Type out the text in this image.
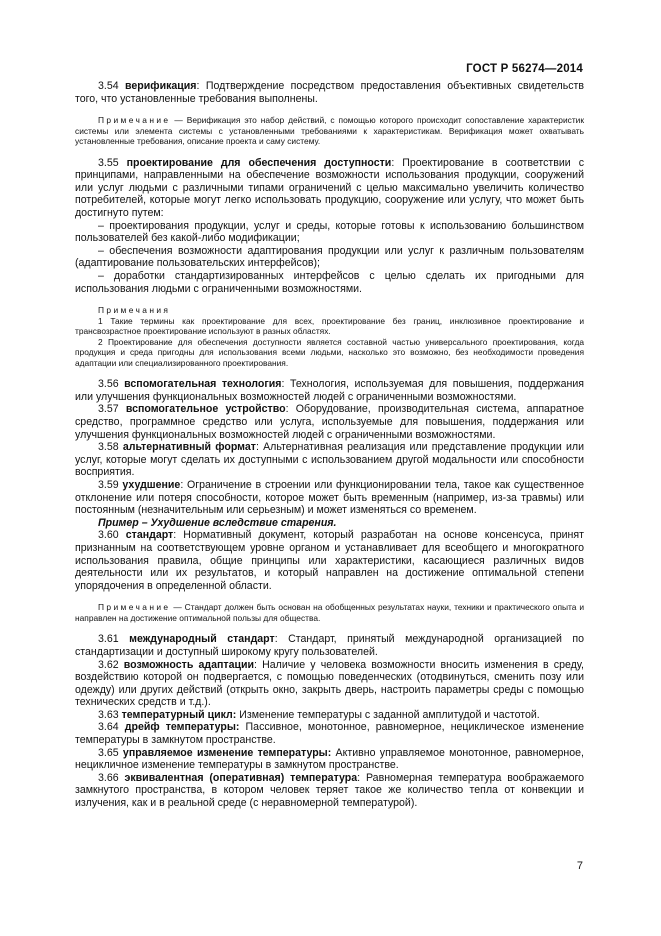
ГОСТ Р 56274—2014

3.54 верификация: Подтверждение посредством предоставления объективных свидетельств того, что установленные требования выполнены.

Примечание — Верификация это набор действий, с помощью которого происходит сопоставление характеристик системы или элемента системы с установленными требованиями к характеристикам. Верификация может охватывать установленные требования, описание проекта и саму систему.

3.55 проектирование для обеспечения доступности: Проектирование в соответствии с принципами, направленными на обеспечение возможности использования продукции, сооружений или услуг людьми с различными типами ограничений с целью максимально увеличить количество потребителей, которые могут легко использовать продукцию, сооружение или услугу, что может быть достигнуто путем:

– проектирования продукции, услуг и среды, которые готовы к использованию большинством пользователей без какой-либо модификации;

– обеспечения возможности адаптирования продукции или услуг к различным пользователям (адаптирование пользовательских интерфейсов);

– доработки стандартизированных интерфейсов с целью сделать их пригодными для использования людьми с ограниченными возможностями.

Примечания

1 Такие термины как проектирование для всех, проектирование без границ, инклюзивное проектирование и трансвозрастное проектирование используют в разных областях.

2 Проектирование для обеспечения доступности является составной частью универсального проектирования, когда продукция и среда пригодны для использования всеми людьми, насколько это возможно, без необходимости проведения адаптации или специализированного проектирования.

3.56 вспомогательная технология: Технология, используемая для повышения, поддержания или улучшения функциональных возможностей людей с ограниченными возможностями.

3.57 вспомогательное устройство: Оборудование, производительная система, аппаратное средство, программное средство или услуга, используемые для повышения, поддержания или улучшения функциональных возможностей людей с ограниченными возможностями.

3.58 альтернативный формат: Альтернативная реализация или представление продукции или услуг, которые могут сделать их доступными с использованием другой модальности или способности восприятия.

3.59 ухудшение: Ограничение в строении или функционировании тела, такое как существенное отклонение или потеря способности, которое может быть временным (например, из-за травмы) или постоянным (незначительным или серьезным) и может изменяться со временем.

Пример – Ухудшение вследствие старения.

3.60 стандарт: Нормативный документ, который разработан на основе консенсуса, принят признанным на соответствующем уровне органом и устанавливает для всеобщего и многократного использования правила, общие принципы или характеристики, касающиеся различных видов деятельности или их результатов, и который направлен на достижение оптимальной степени упорядочения в определенной области.

Примечание — Стандарт должен быть основан на обобщенных результатах науки, техники и практического опыта и направлен на достижение оптимальной пользы для общества.

3.61 международный стандарт: Стандарт, принятый международной организацией по стандартизации и доступный широкому кругу пользователей.

3.62 возможность адаптации: Наличие у человека возможности вносить изменения в среду, воздействию которой он подвергается, с помощью поведенческих (отодвинуться, сменить позу или одежду) или других действий (открыть окно, закрыть дверь, настроить параметры среды с помощью технических средств и т.д.).

3.63 температурный цикл: Изменение температуры с заданной амплитудой и частотой.

3.64 дрейф температуры: Пассивное, монотонное, равномерное, нециклическое изменение температуры в замкнутом пространстве.

3.65 управляемое изменение температуры: Активно управляемое монотонное, равномерное, нецикличное изменение температуры в замкнутом пространстве.

3.66 эквивалентная (оперативная) температура: Равномерная температура воображаемого замкнутого пространства, в котором человек теряет такое же количество тепла от конвекции и излучения, как и в реальной среде (с неравномерной температурой).

7
